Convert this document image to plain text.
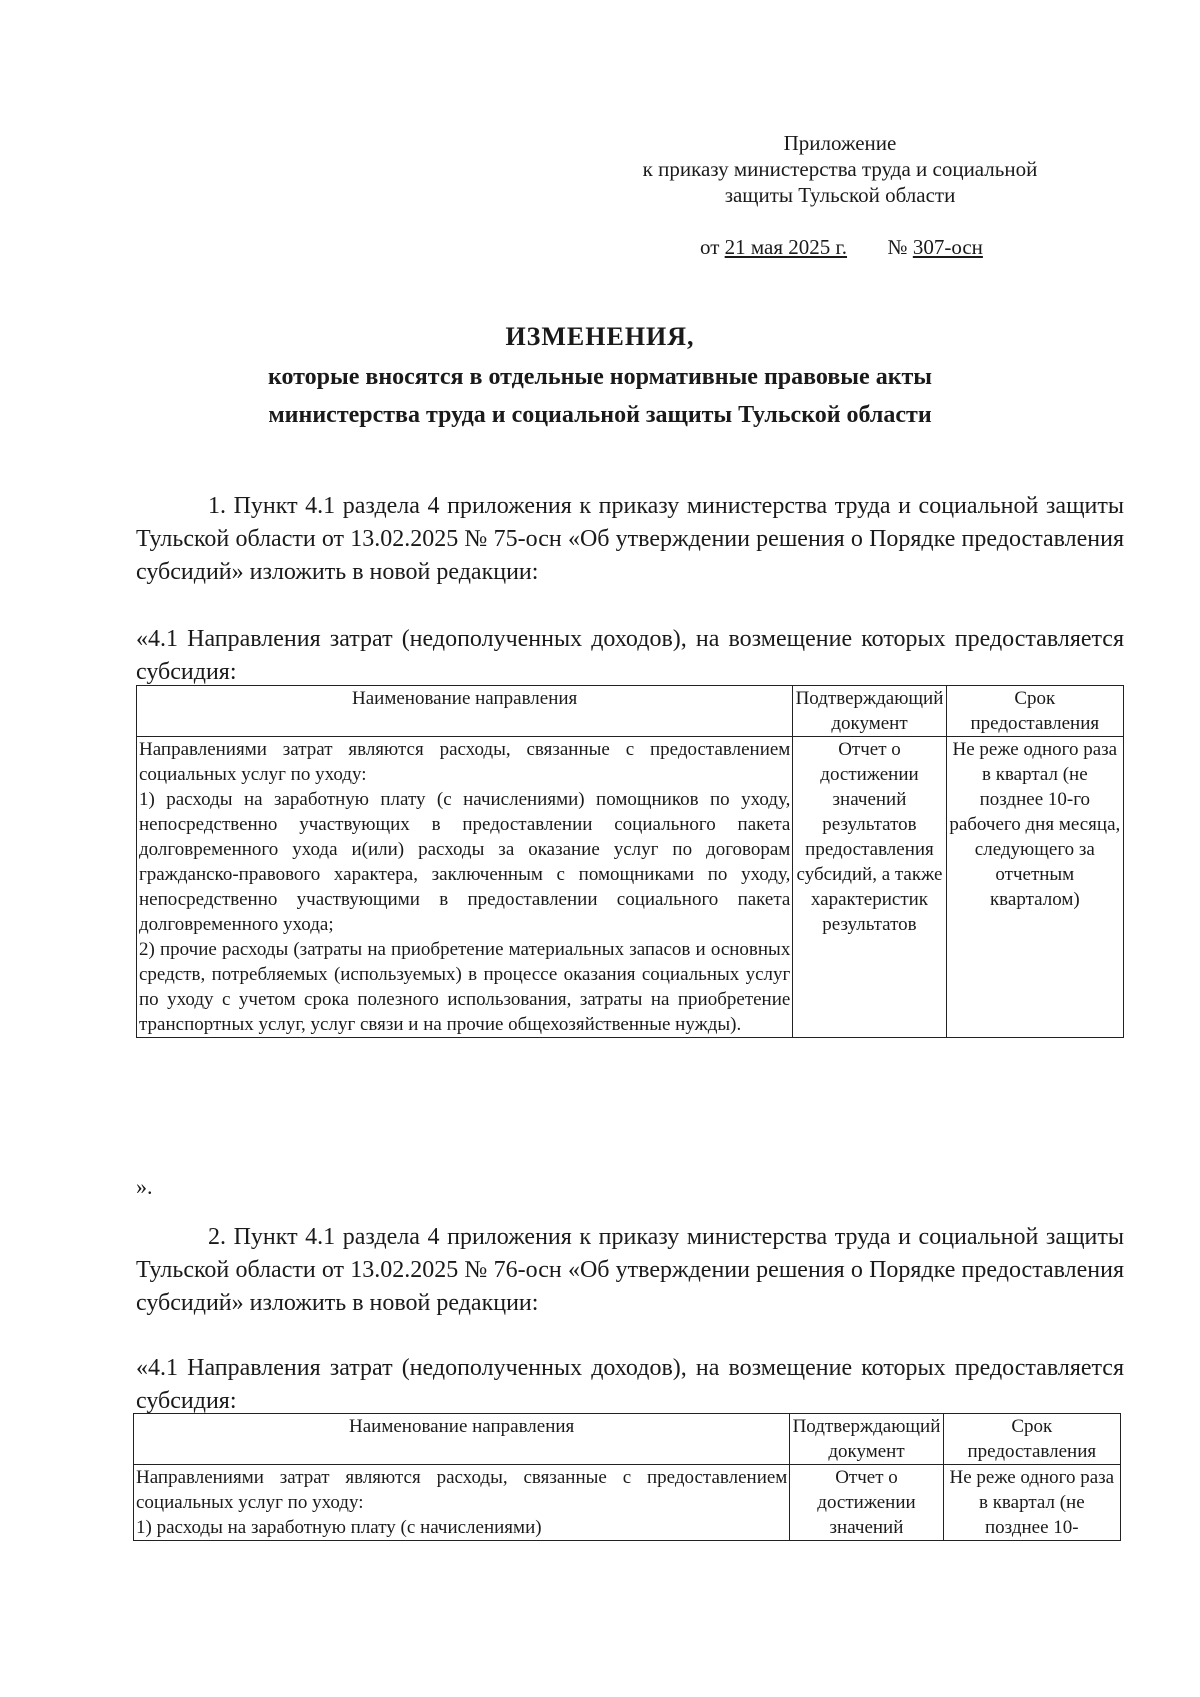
Приложение
к приказу министерства труда и социальной
защиты Тульской области
от 21 мая 2025 г. № 307-осн
ИЗМЕНЕНИЯ,
которые вносятся в отдельные нормативные правовые акты
министерства труда и социальной защиты Тульской области
1. Пункт 4.1 раздела 4 приложения к приказу министерства труда и социальной защиты Тульской области от 13.02.2025 № 75-осн «Об утверждении решения о Порядке предоставления субсидий» изложить в новой редакции:
«4.1 Направления затрат (недополученных доходов), на возмещение которых предоставляется субсидия:
Наименование направления	Подтверждающий документ	Срок предоставления

Направлениями затрат являются расходы, связанные с предоставлением социальных услуг по уходу:
1) расходы на заработную плату (с начислениями) помощников по уходу, непосредственно участвующих в предоставлении социального пакета долговременного ухода и(или) расходы за оказание услуг по договорам гражданско-правового характера, заключенным с помощниками по уходу, непосредственно участвующими в предоставлении социального пакета долговременного ухода;
2) прочие расходы (затраты на приобретение материальных запасов и основных средств, потребляемых (используемых) в процессе оказания социальных услуг по уходу с учетом срока полезного использования, затраты на приобретение транспортных услуг, услуг связи и на прочие общехозяйственные нужды).	Отчет о достижении значений результатов предоставления субсидий, а также характеристик результатов	Не реже одного раза в квартал (не позднее 10-го рабочего дня месяца, следующего за отчетным кварталом)
».
2. Пункт 4.1 раздела 4 приложения к приказу министерства труда и социальной защиты Тульской области от 13.02.2025 № 76-осн «Об утверждении решения о Порядке предоставления субсидий» изложить в новой редакции:
«4.1 Направления затрат (недополученных доходов), на возмещение которых предоставляется субсидия:
Наименование направления	Подтверждающий документ	Срок предоставления

Направлениями затрат являются расходы, связанные с предоставлением социальных услуг по уходу:
1) расходы на заработную плату (с начислениями)	Отчет о достижении значений	Не реже одного раза в квартал (не позднее 10-
